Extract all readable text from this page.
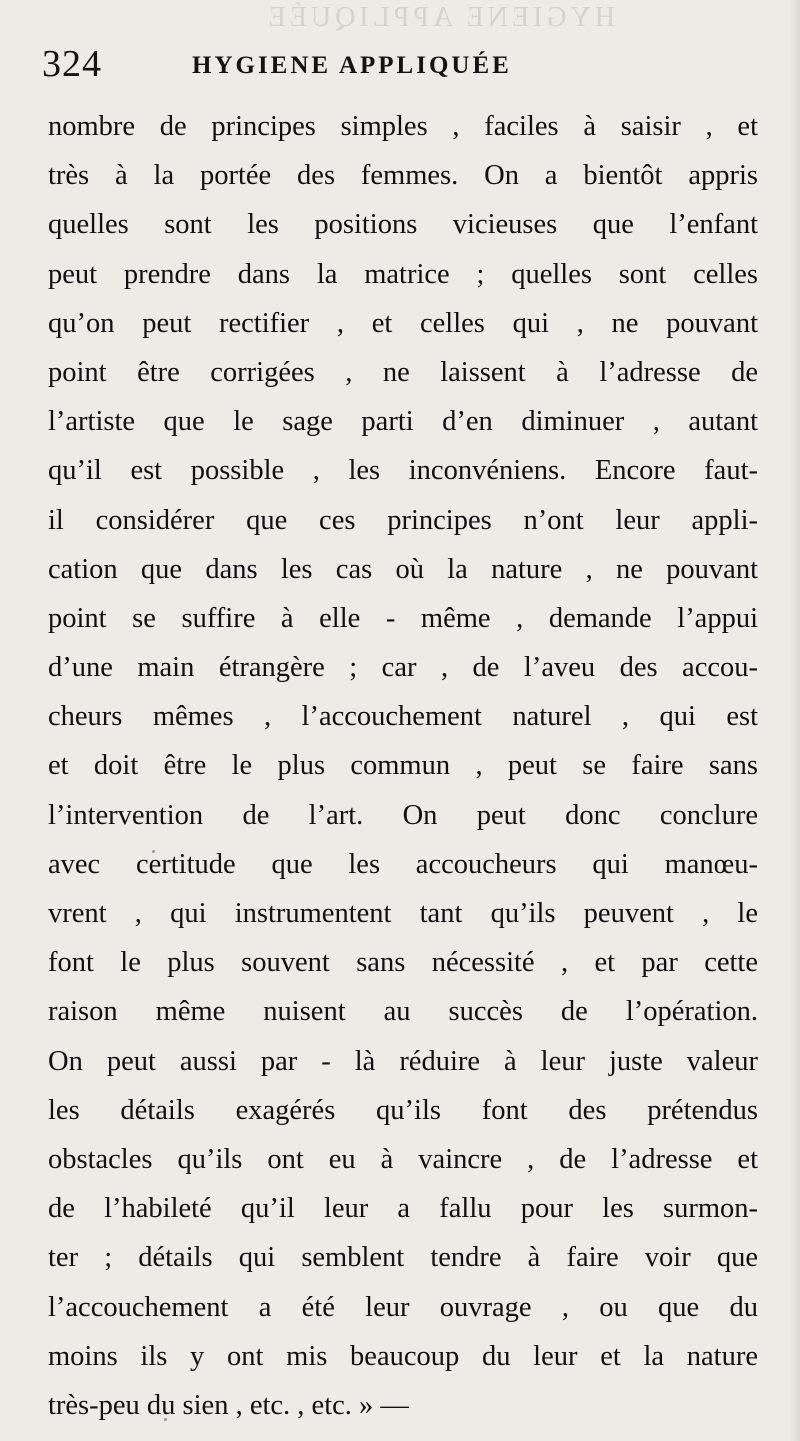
HYGIENE APPLIQUÉE
324	HYGIENE APPLIQUÉE
nombre de principes simples , faciles à saisir , et
très à la portée des femmes. On a bientôt appris
quelles sont les positions vicieuses que l’enfant
peut prendre dans la matrice ; quelles sont celles
qu’on peut rectifier , et celles qui , ne pouvant
point être corrigées , ne laissent à l’adresse de
l’artiste que le sage parti d’en diminuer , autant
qu’il est possible , les inconvéniens. Encore faut-
il considérer que ces principes n’ont leur appli-
cation que dans les cas où la nature , ne pouvant
point se suffire à elle - même , demande l’appui
d’une main étrangère ; car , de l’aveu des accou-
cheurs mêmes , l’accouchement naturel , qui est
et doit être le plus commun , peut se faire sans
l’intervention de l’art. On peut donc conclure
avec certitude que les accoucheurs qui manœu-
vrent , qui instrumentent tant qu’ils peuvent , le
font le plus souvent sans nécessité , et par cette
raison même nuisent au succès de l’opération.
On peut aussi par - là réduire à leur juste valeur
les détails exagérés qu’ils font des prétendus
obstacles qu’ils ont eu à vaincre , de l’adresse et
de l’habileté qu’il leur a fallu pour les surmon-
ter ; détails qui semblent tendre à faire voir que
l’accouchement a été leur ouvrage , ou que du
moins ils y ont mis beaucoup du leur et la nature
très-peu du sien , etc. , etc. » —
